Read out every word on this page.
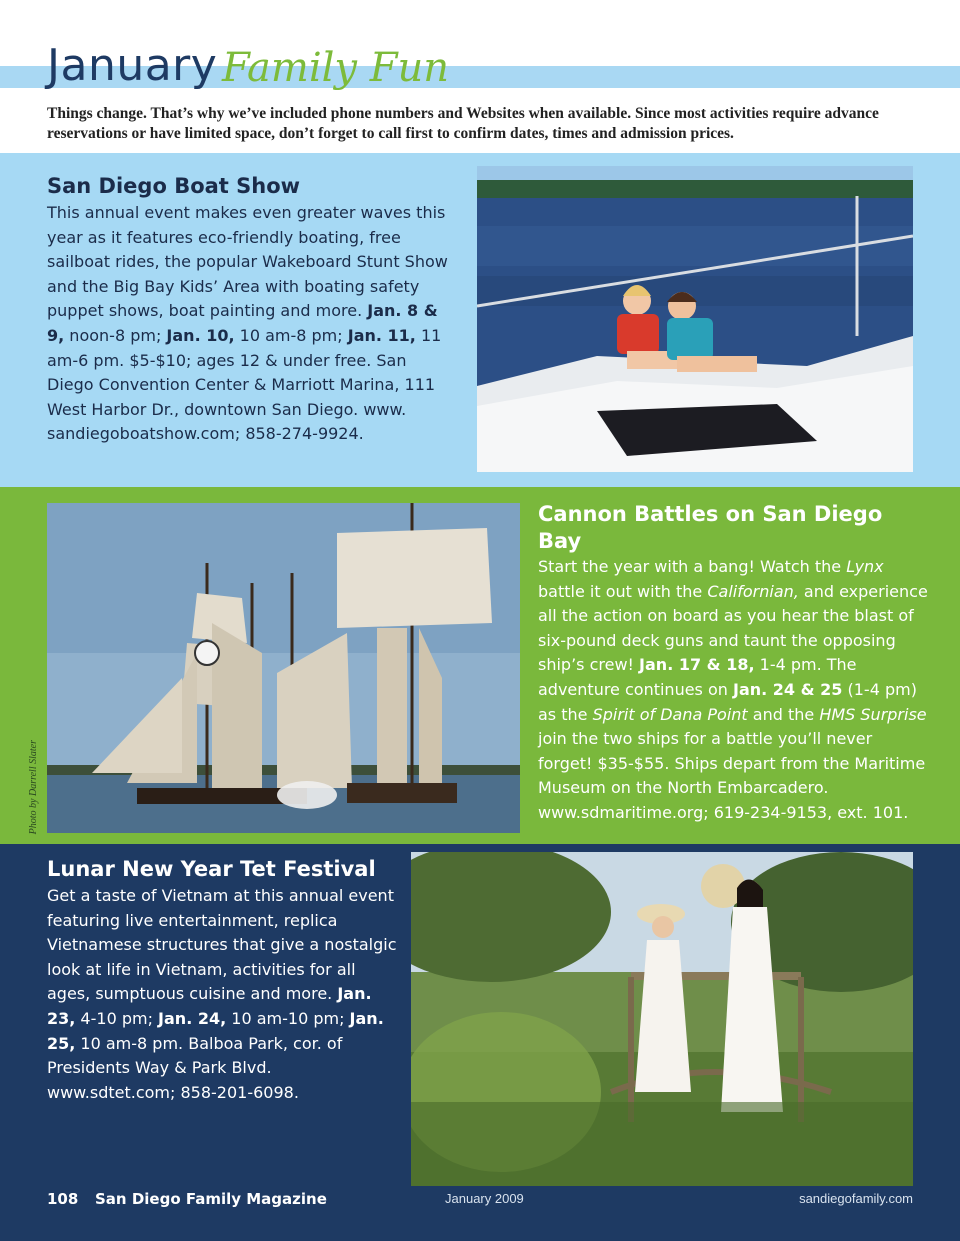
January Family Fun

Things change. That’s why we’ve included phone numbers and Websites when available. Since most activities require advance reservations or have limited space, don’t forget to call first to confirm dates, times and admission prices.

San Diego Boat Show

This annual event makes even greater waves this year as it features eco-friendly boating, free sailboat rides, the popular Wakeboard Stunt Show and the Big Bay Kids’ Area with boating safety puppet shows, boat painting and more. Jan. 8 & 9, noon-8 pm; Jan. 10, 10 am-8 pm; Jan. 11, 11 am-6 pm. $5-$10; ages 12 & under free. San Diego Convention Center & Marriott Marina, 111 West Harbor Dr., downtown San Diego. www. sandiegoboatshow.com; 858-274-9924.

Cannon Battles on San Diego Bay

Start the year with a bang! Watch the Lynx battle it out with the Californian, and experience all the action on board as you hear the blast of six-pound deck guns and taunt the opposing ship’s crew! Jan. 17 & 18, 1-4 pm. The adventure continues on Jan. 24 & 25 (1-4 pm) as the Spirit of Dana Point and the HMS Surprise join the two ships for a battle you’ll never forget! $35-$55. Ships depart from the Maritime Museum on the North Embarcadero. www.sdmaritime.org; 619-234-9153, ext. 101.

Photo by Darrell Slater
Lunar New Year Tet Festival

Get a taste of Vietnam at this annual event featuring live entertainment, replica Vietnamese structures that give a nostalgic look at life in Vietnam, activities for all ages, sumptuous cuisine and more. Jan. 23, 4-10 pm; Jan. 24, 10 am-10 pm; Jan. 25, 10 am-8 pm. Balboa Park, cor. of Presidents Way & Park Blvd. www.sdtet.com; 858-201-6098.

108 San Diego Family Magazine	January 2009	sandiegofamily.com
